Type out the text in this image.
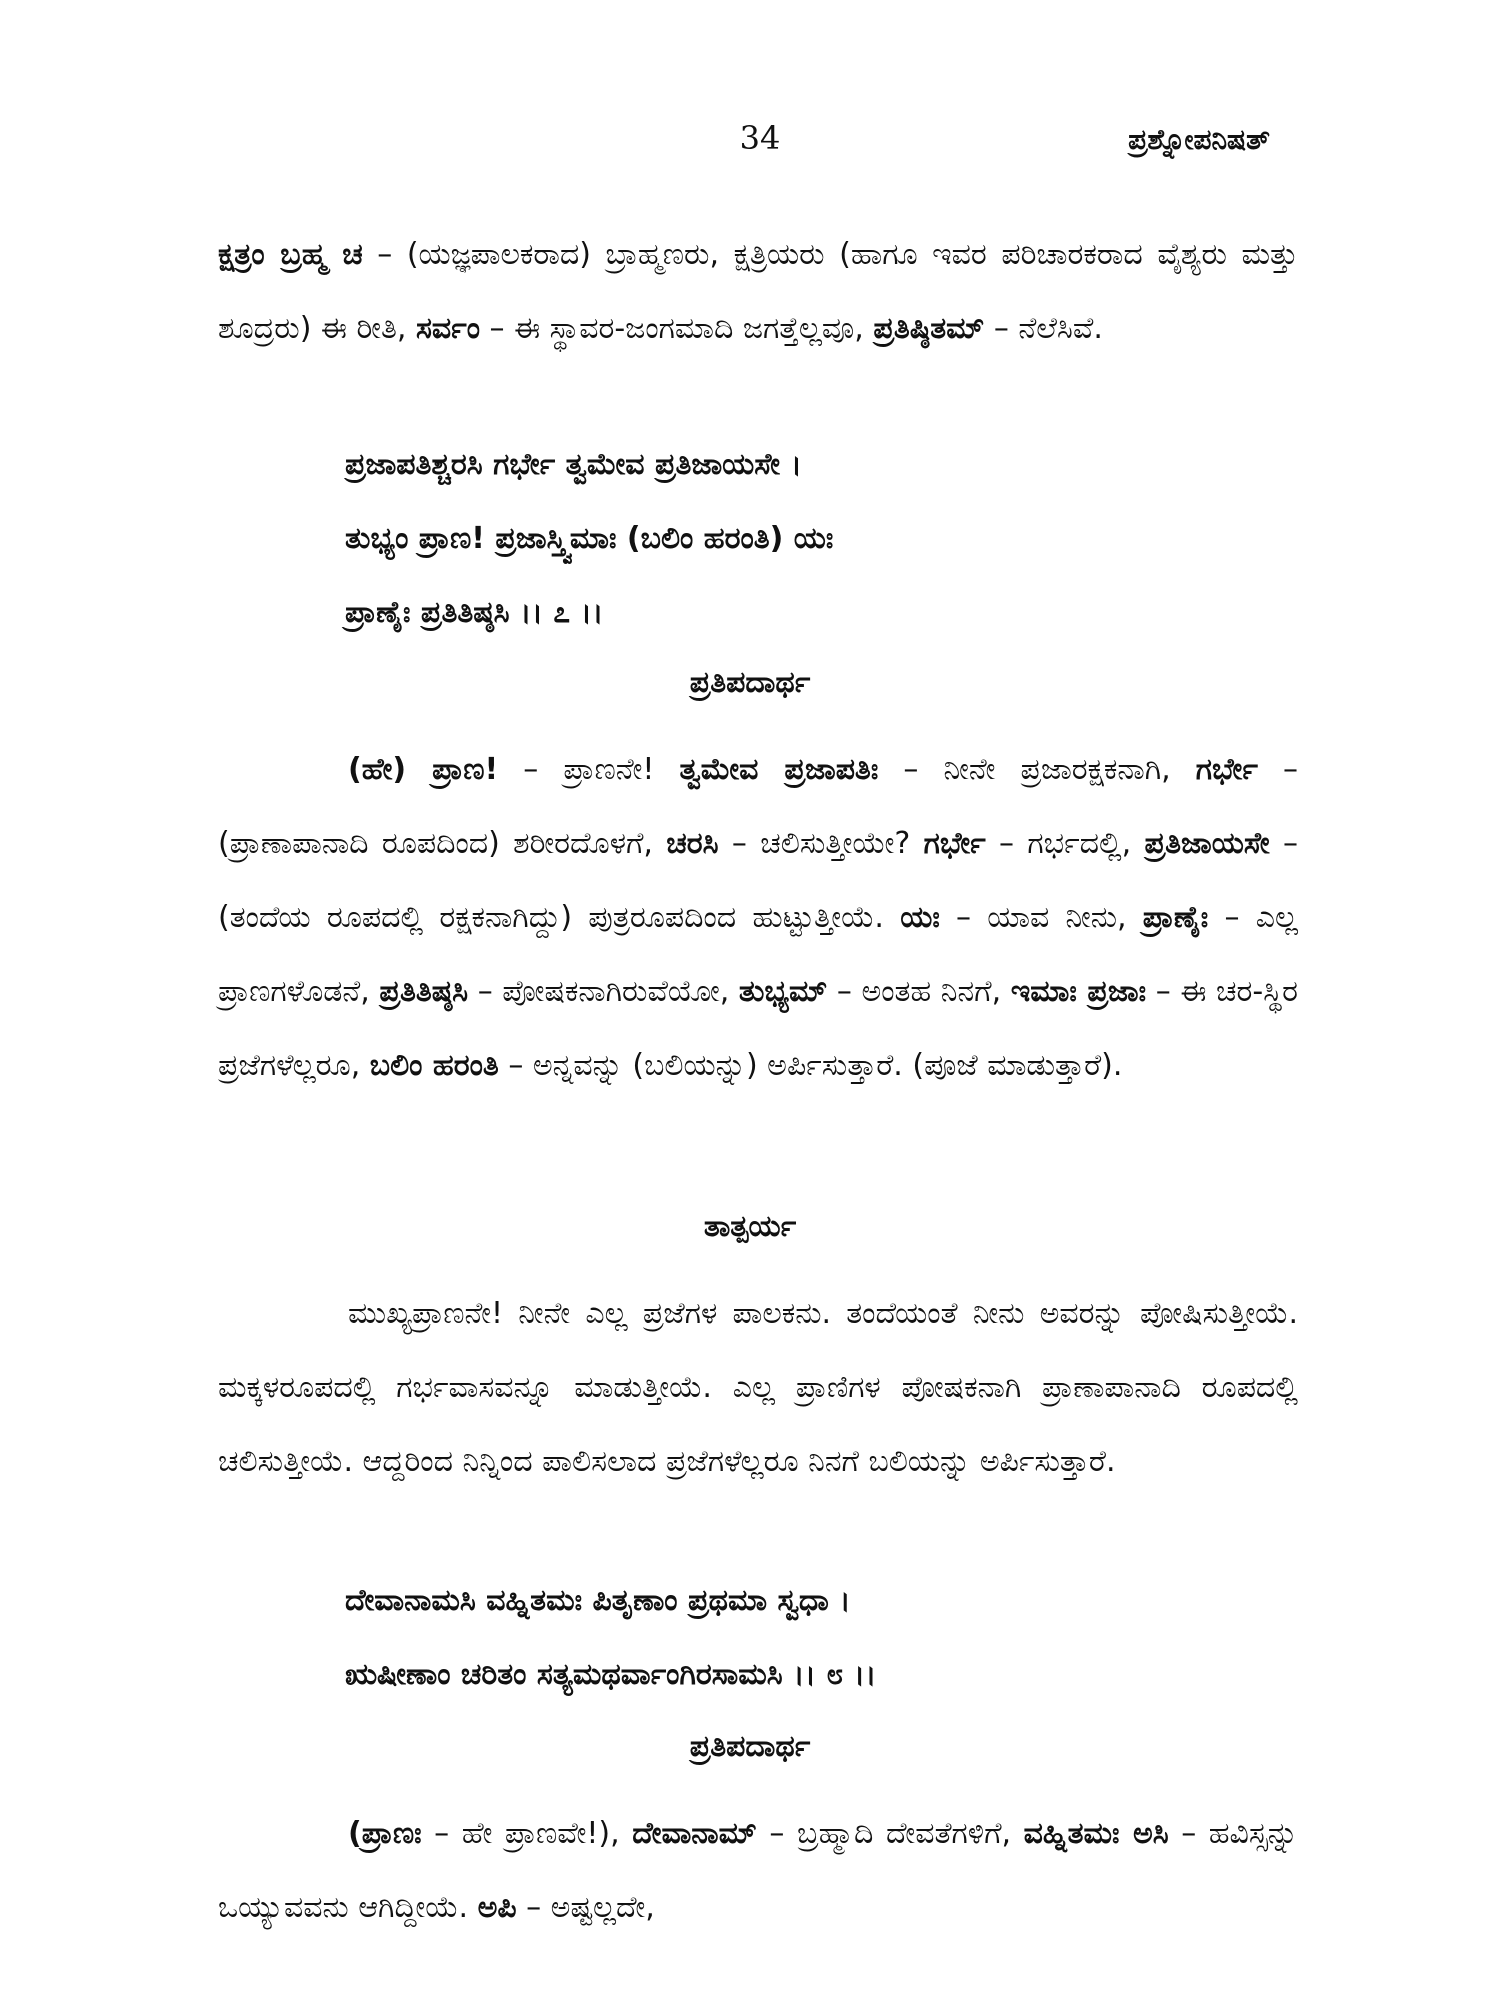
34	ಪ್ರಶ್ನೋಪನಿಷತ್

ಕ್ಷತ್ರಂ ಬ್ರಹ್ಮ ಚ – (ಯಜ್ಞಪಾಲಕರಾದ) ಬ್ರಾಹ್ಮಣರು, ಕ್ಷತ್ರಿಯರು (ಹಾಗೂ ಇವರ ಪರಿಚಾರಕರಾದ ವೈಶ್ಯರು ಮತ್ತು ಶೂದ್ರರು) ಈ ರೀತಿ, ಸರ್ವಂ – ಈ ಸ್ಥಾವರ-ಜಂಗಮಾದಿ ಜಗತ್ತೆಲ್ಲವೂ, ಪ್ರತಿಷ್ಠಿತಮ್ – ನೆಲೆಸಿವೆ.

ಪ್ರಜಾಪತಿಶ್ಚರಸಿ ಗರ್ಭೇ ತ್ವಮೇವ ಪ್ರತಿಜಾಯಸೇ ।
ತುಭ್ಯಂ ಪ್ರಾಣ! ಪ್ರಜಾಸ್ತ್ವಿಮಾಃ (ಬಲಿಂ ಹರಂತಿ) ಯಃ
ಪ್ರಾಣೈಃ ಪ್ರತಿತಿಷ್ಠಸಿ ।। ೭ ।।
ಪ್ರತಿಪದಾರ್ಥ

(ಹೇ) ಪ್ರಾಣ! – ಪ್ರಾಣನೇ! ತ್ವಮೇವ ಪ್ರಜಾಪತಿಃ – ನೀನೇ ಪ್ರಜಾರಕ್ಷಕನಾಗಿ, ಗರ್ಭೇ – (ಪ್ರಾಣಾಪಾನಾದಿ ರೂಪದಿಂದ) ಶರೀರದೊಳಗೆ, ಚರಸಿ – ಚಲಿಸುತ್ತೀಯೇ? ಗರ್ಭೇ – ಗರ್ಭದಲ್ಲಿ, ಪ್ರತಿಜಾಯಸೇ – (ತಂದೆಯ ರೂಪದಲ್ಲಿ ರಕ್ಷಕನಾಗಿದ್ದು) ಪುತ್ರರೂಪದಿಂದ ಹುಟ್ಟುತ್ತೀಯೆ. ಯಃ – ಯಾವ ನೀನು, ಪ್ರಾಣೈಃ – ಎಲ್ಲ ಪ್ರಾಣಗಳೊಡನೆ, ಪ್ರತಿತಿಷ್ಠಸಿ – ಪೋಷಕನಾಗಿರುವೆಯೋ, ತುಭ್ಯಮ್ – ಅಂತಹ ನಿನಗೆ, ಇಮಾಃ ಪ್ರಜಾಃ – ಈ ಚರ-ಸ್ಥಿರ ಪ್ರಜೆಗಳೆಲ್ಲರೂ, ಬಲಿಂ ಹರಂತಿ – ಅನ್ನವನ್ನು (ಬಲಿಯನ್ನು) ಅರ್ಪಿಸುತ್ತಾರೆ. (ಪೂಜೆ ಮಾಡುತ್ತಾರೆ).

ತಾತ್ಪರ್ಯ

ಮುಖ್ಯಪ್ರಾಣನೇ! ನೀನೇ ಎಲ್ಲ ಪ್ರಜೆಗಳ ಪಾಲಕನು. ತಂದೆಯಂತೆ ನೀನು ಅವರನ್ನು ಪೋಷಿಸುತ್ತೀಯೆ. ಮಕ್ಕಳರೂಪದಲ್ಲಿ ಗರ್ಭವಾಸವನ್ನೂ ಮಾಡುತ್ತೀಯೆ. ಎಲ್ಲ ಪ್ರಾಣಿಗಳ ಪೋಷಕನಾಗಿ ಪ್ರಾಣಾಪಾನಾದಿ ರೂಪದಲ್ಲಿ ಚಲಿಸುತ್ತೀಯೆ. ಆದ್ದರಿಂದ ನಿನ್ನಿಂದ ಪಾಲಿಸಲಾದ ಪ್ರಜೆಗಳೆಲ್ಲರೂ ನಿನಗೆ ಬಲಿಯನ್ನು ಅರ್ಪಿಸುತ್ತಾರೆ.

ದೇವಾನಾಮಸಿ ವಹ್ನಿತಮಃ ಪಿತೃಣಾಂ ಪ್ರಥಮಾ ಸ್ವಧಾ ।
ಋಷೀಣಾಂ ಚರಿತಂ ಸತ್ಯಮಥರ್ವಾಂಗಿರಸಾಮಸಿ ।। ೮ ।।
ಪ್ರತಿಪದಾರ್ಥ

(ಪ್ರಾಣಃ – ಹೇ ಪ್ರಾಣವೇ!), ದೇವಾನಾಮ್ – ಬ್ರಹ್ಮಾದಿ ದೇವತೆಗಳಿಗೆ, ವಹ್ನಿತಮಃ ಅಸಿ – ಹವಿಸ್ಸನ್ನು ಒಯ್ಯುವವನು ಆಗಿದ್ದೀಯೆ. ಅಪಿ – ಅಷ್ಟಲ್ಲದೇ,
